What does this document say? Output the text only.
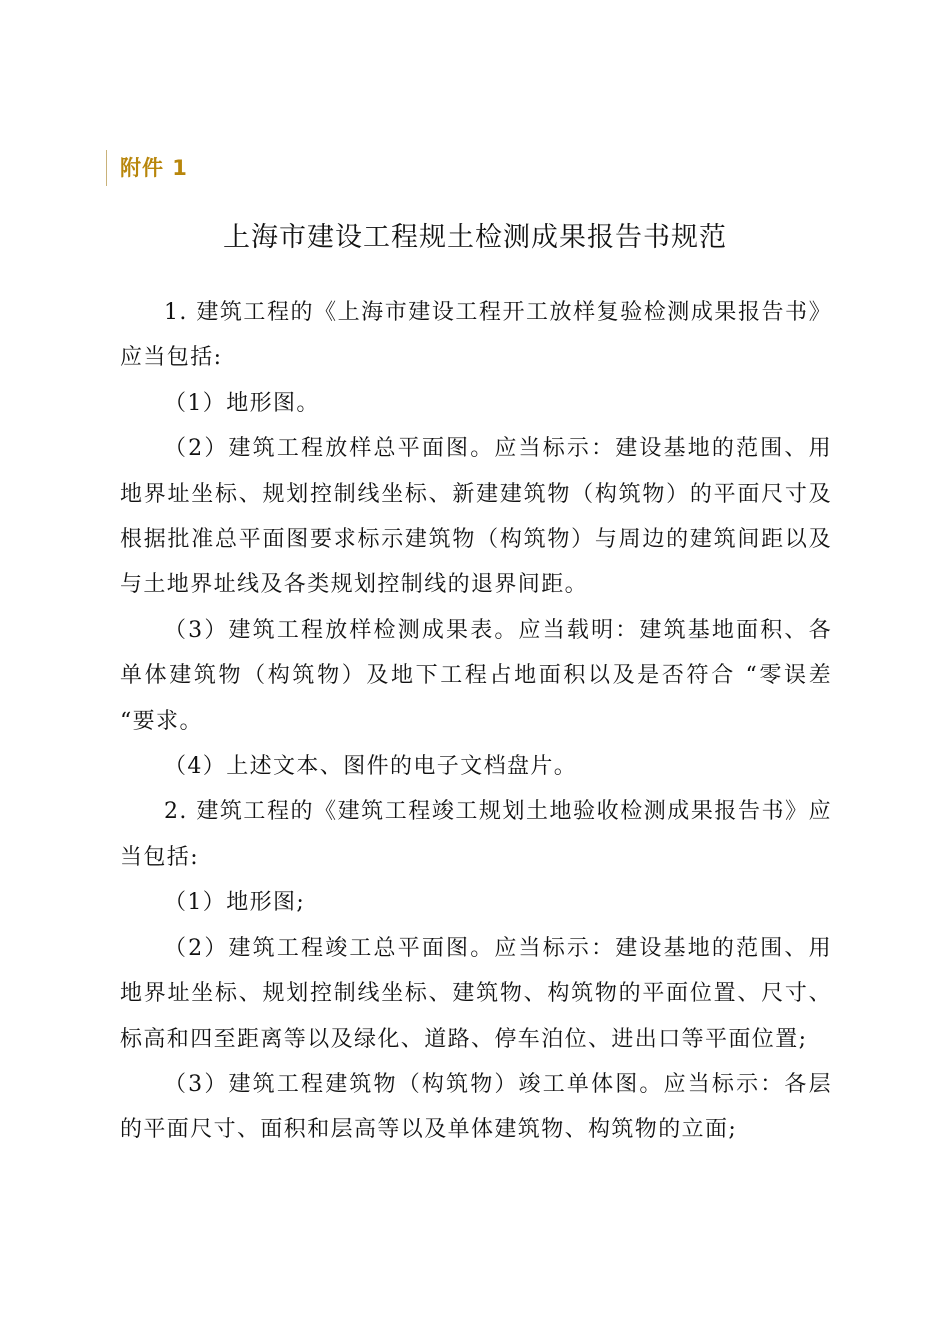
附件 1
上海市建设工程规土检测成果报告书规范

1. 建筑工程的《上海市建设工程开工放样复验检测成果报告书》应当包括:

（1）地形图。

（2）建筑工程放样总平面图。应当标示：建设基地的范围、用地界址坐标、规划控制线坐标、新建建筑物（构筑物）的平面尺寸及根据批准总平面图要求标示建筑物（构筑物）与周边的建筑间距以及与土地界址线及各类规划控制线的退界间距。

（3）建筑工程放样检测成果表。应当载明：建筑基地面积、各单体建筑物（构筑物）及地下工程占地面积以及是否符合 “零误差 “要求。

（4）上述文本、图件的电子文档盘片。

2. 建筑工程的《建筑工程竣工规划土地验收检测成果报告书》应当包括:

（1）地形图;

（2）建筑工程竣工总平面图。应当标示：建设基地的范围、用地界址坐标、规划控制线坐标、建筑物、构筑物的平面位置、尺寸、标高和四至距离等以及绿化、道路、停车泊位、进出口等平面位置;

（3）建筑工程建筑物（构筑物）竣工单体图。应当标示：各层的平面尺寸、面积和层高等以及单体建筑物、构筑物的立面;
